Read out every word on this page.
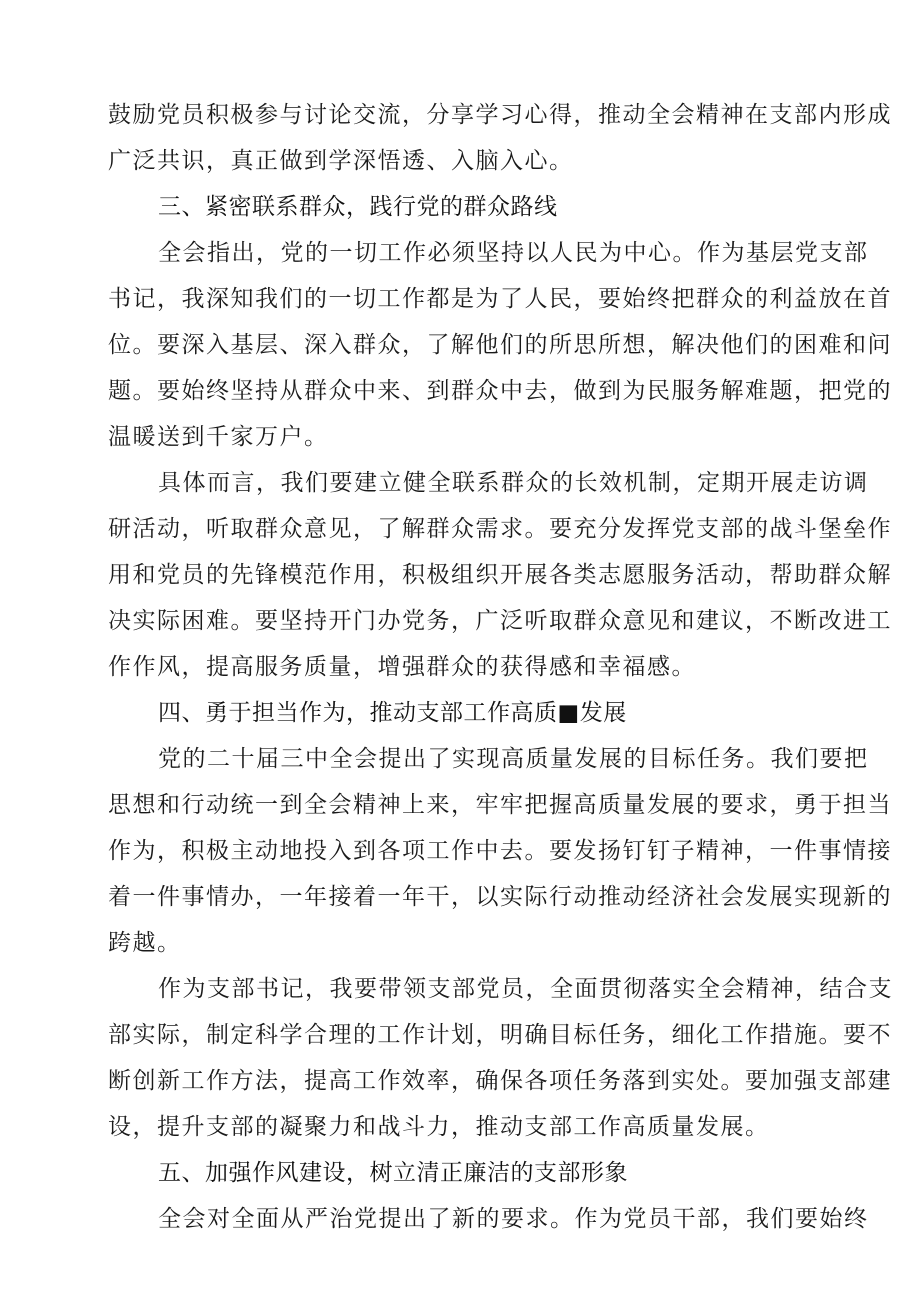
鼓励党员积极参与讨论交流，分享学习心得，推动全会精神在支部内形成
广泛共识，真正做到学深悟透、入脑入心。
三、紧密联系群众，践行党的群众路线
全会指出，党的一切工作必须坚持以人民为中心。作为基层党支部
书记，我深知我们的一切工作都是为了人民，要始终把群众的利益放在首
位。要深入基层、深入群众，了解他们的所思所想，解决他们的困难和问
题。要始终坚持从群众中来、到群众中去，做到为民服务解难题，把党的
温暖送到千家万户。
具体而言，我们要建立健全联系群众的长效机制，定期开展走访调
研活动，听取群众意见，了解群众需求。要充分发挥党支部的战斗堡垒作
用和党员的先锋模范作用，积极组织开展各类志愿服务活动，帮助群众解
决实际困难。要坚持开门办党务，广泛听取群众意见和建议，不断改进工
作作风，提高服务质量，增强群众的获得感和幸福感。
四、勇于担当作为，推动支部工作高质■发展
党的二十届三中全会提出了实现高质量发展的目标任务。我们要把
思想和行动统一到全会精神上来，牢牢把握高质量发展的要求，勇于担当
作为，积极主动地投入到各项工作中去。要发扬钉钉子精神，一件事情接
着一件事情办，一年接着一年干，以实际行动推动经济社会发展实现新的
跨越。
作为支部书记，我要带领支部党员，全面贯彻落实全会精神，结合支
部实际，制定科学合理的工作计划，明确目标任务，细化工作措施。要不
断创新工作方法，提高工作效率，确保各项任务落到实处。要加强支部建
设，提升支部的凝聚力和战斗力，推动支部工作高质量发展。
五、加强作风建设，树立清正廉洁的支部形象
全会对全面从严治党提出了新的要求。作为党员干部，我们要始终
